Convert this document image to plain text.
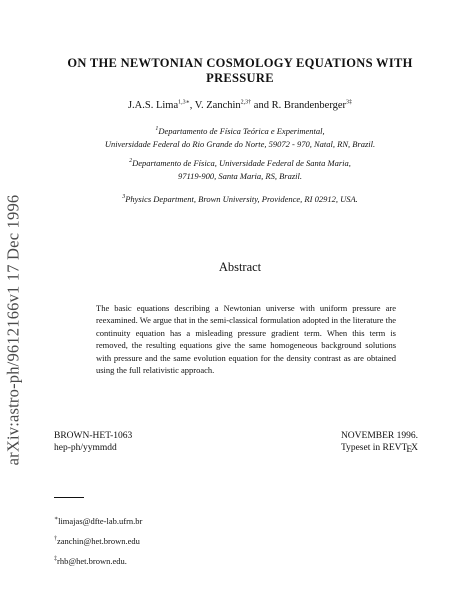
arXiv:astro-ph/9612166v1 17 Dec 1996
ON THE NEWTONIAN COSMOLOGY EQUATIONS WITH
PRESSURE
J.A.S. Lima$^{1,3∗}$, V. Zanchin$^{2,3\dagger}$ and R. Brandenberger$^{3\ddagger}$
$^1$Departamento de Física Teórica e Experimental,
Universidade Federal do Rio Grande do Norte, 59072 - 970, Natal, RN, Brazil.
$^2$Departamento de Física, Universidade Federal de Santa Maria,
97119-900, Santa Maria, RS, Brazil.
$^3$Physics Department, Brown University, Providence, RI 02912, USA.
Abstract

The basic equations describing a Newtonian universe with uniform pressure are reexamined. We argue that in the semi-classical formulation adopted in the literature the continuity equation has a misleading pressure gradient term. When this term is removed, the resulting equations give the same homogeneous background solutions with pressure and the same evolution equation for the density contrast as are obtained using the full relativistic approach.

BROWN-HET-1063
hep-ph/yymmdd
NOVEMBER 1996.
Typeset in REVTEX
∗limajas@dfte-lab.ufrn.br
†zanchin@het.brown.edu
‡rhb@het.brown.edu.
